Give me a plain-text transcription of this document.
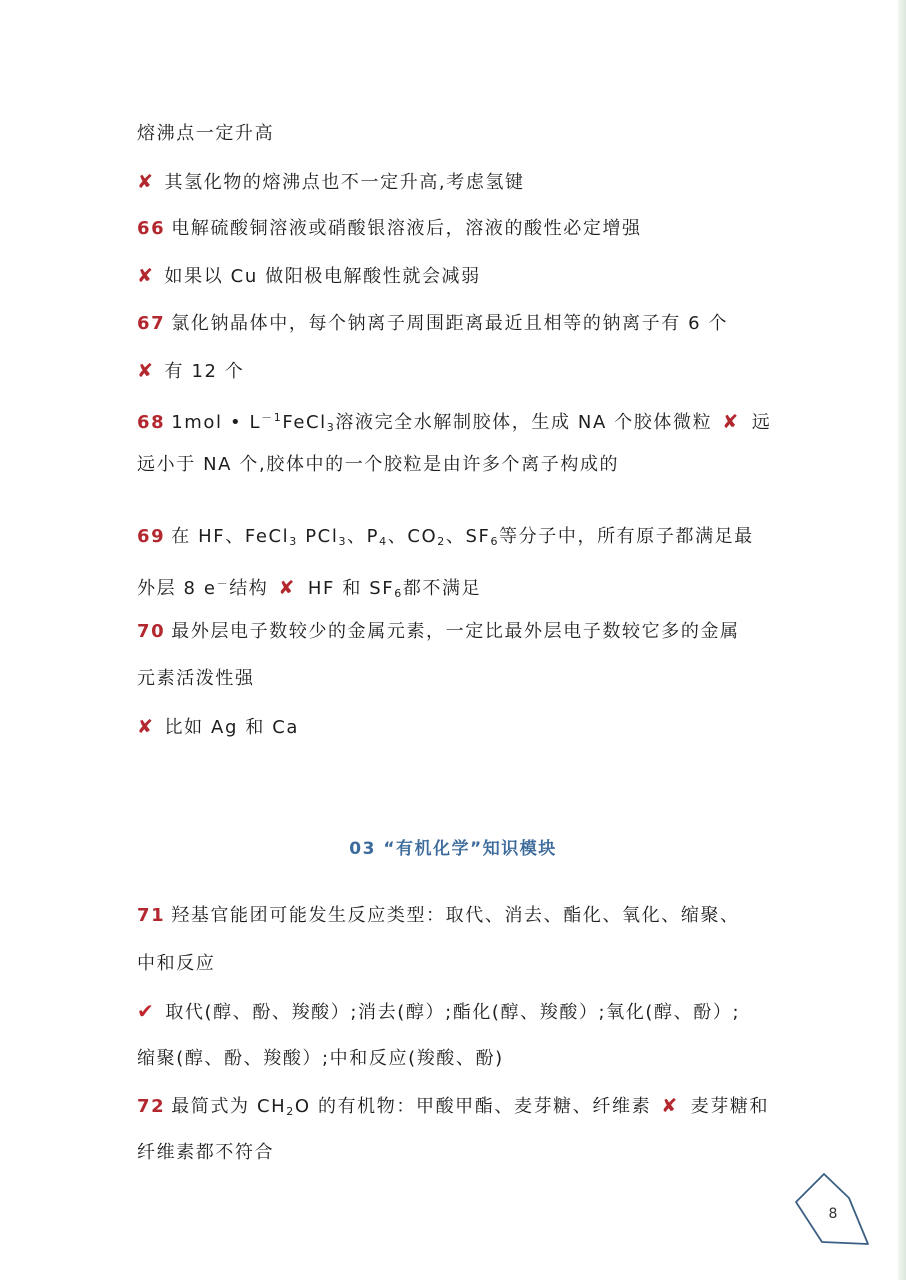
熔沸点一定升高
✘ 其氢化物的熔沸点也不一定升高,考虑氢键
66 电解硫酸铜溶液或硝酸银溶液后，溶液的酸性必定增强
✘ 如果以 Cu 做阳极电解酸性就会减弱
67 氯化钠晶体中，每个钠离子周围距离最近且相等的钠离子有 6 个
✘ 有 12 个
68 1mol • $L^{-1}FeCl_3$溶液完全水解制胶体，生成 NA 个胶体微粒 ✘ 远
远小于 NA 个,胶体中的一个胶粒是由许多个离子构成的
69 在 HF、FeCl$_3$ PCl$_3$、$P_4$、$CO_2$、$SF_6$等分子中，所有原子都满足最
外层 8 e－结构 ✘ HF 和 $SF_6$都不满足
70 最外层电子数较少的金属元素，一定比最外层电子数较它多的金属
元素活泼性强
✘ 比如 Ag 和 Ca
03 “有机化学”知识模块
71 羟基官能团可能发生反应类型：取代、消去、酯化、氧化、缩聚、
中和反应
✔ 取代(醇、酚、羧酸）;消去(醇）;酯化(醇、羧酸）;氧化(醇、酚）;
缩聚(醇、酚、羧酸）;中和反应(羧酸、酚)
72 最简式为 $CH_2O$ 的有机物：甲酸甲酯、麦芽糖、纤维素 ✘ 麦芽糖和
纤维素都不符合
8
